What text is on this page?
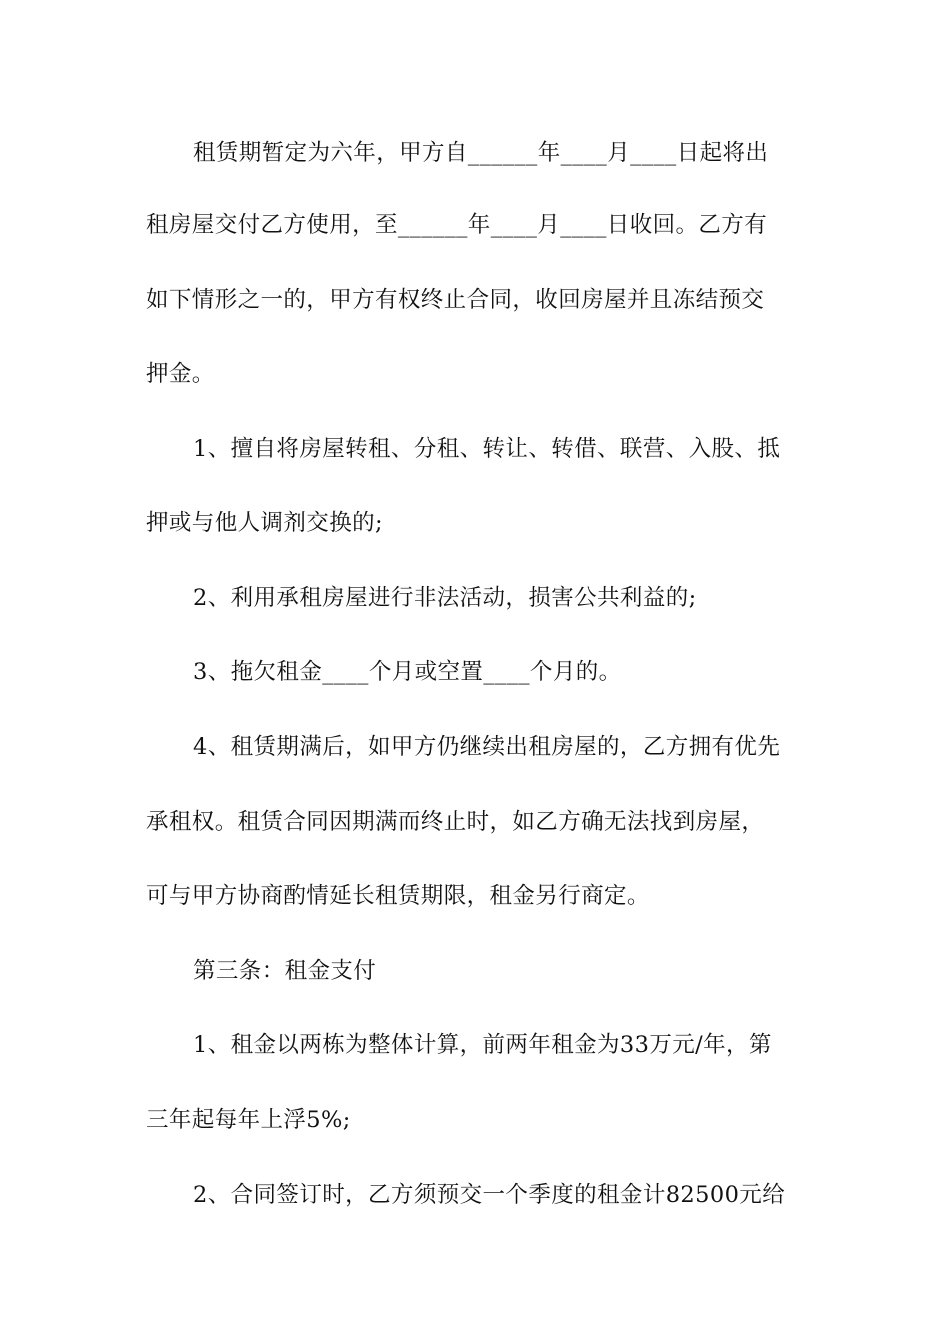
租赁期暂定为六年，甲方自______年____月____日起将出
租房屋交付乙方使用，至______年____月____日收回。乙方有
如下情形之一的，甲方有权终止合同，收回房屋并且冻结预交
押金。
1、擅自将房屋转租、分租、转让、转借、联营、入股、抵
押或与他人调剂交换的;
2、利用承租房屋进行非法活动，损害公共利益的;
3、拖欠租金____个月或空置____个月的。
4、租赁期满后，如甲方仍继续出租房屋的，乙方拥有优先
承租权。租赁合同因期满而终止时，如乙方确无法找到房屋，
可与甲方协商酌情延长租赁期限，租金另行商定。
第三条：租金支付
1、租金以两栋为整体计算，前两年租金为33万元/年，第
三年起每年上浮5%;
2、合同签订时，乙方须预交一个季度的租金计82500元给
